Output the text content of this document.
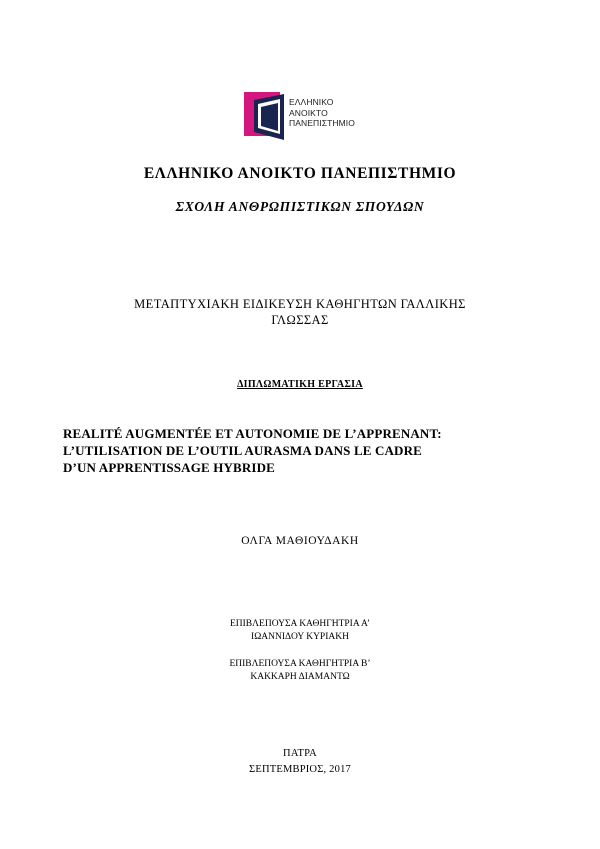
ΕΛΛΗΝΙΚΟ
ΑΝΟΙΚΤΟ
ΠΑΝΕΠΙΣΤΗΜΙΟ
ΕΛΛΗΝΙΚΟ ΑΝΟΙΚΤΟ ΠΑΝΕΠΙΣΤΗΜΙΟ
ΣΧΟΛΗ ΑΝΘΡΩΠΙΣΤΙΚΩΝ ΣΠΟΥΔΩΝ
ΜΕΤΑΠΤΥΧΙΑΚΗ ΕΙΔΙΚΕΥΣΗ ΚΑΘΗΓΗΤΩΝ ΓΑΛΛΙΚΗΣ
ΓΛΩΣΣΑΣ
ΔΙΠΛΩΜΑΤΙΚΗ ΕΡΓΑΣΙΑ
REALITÉ AUGMENTÉE ET AUTONOMIE DE L’APPRENANT:
L’UTILISATION DE L’OUTIL AURASMA DANS LE CADRE
D’UN APPRENTISSAGE HYBRIDE
ΟΛΓΑ ΜΑΘΙΟΥΔΑΚΗ
ΕΠΙΒΛΕΠΟΥΣΑ ΚΑΘΗΓΗΤΡΙΑ Α’
ΙΩΑΝΝΙΔΟΥ ΚΥΡΙΑΚΗ
ΕΠΙΒΛΕΠΟΥΣΑ ΚΑΘΗΓΗΤΡΙΑ Β’
ΚΑΚΚΑΡΗ ΔΙΑΜΑΝΤΩ
ΠΑΤΡΑ
ΣΕΠΤΕΜΒΡΙΟΣ, 2017
